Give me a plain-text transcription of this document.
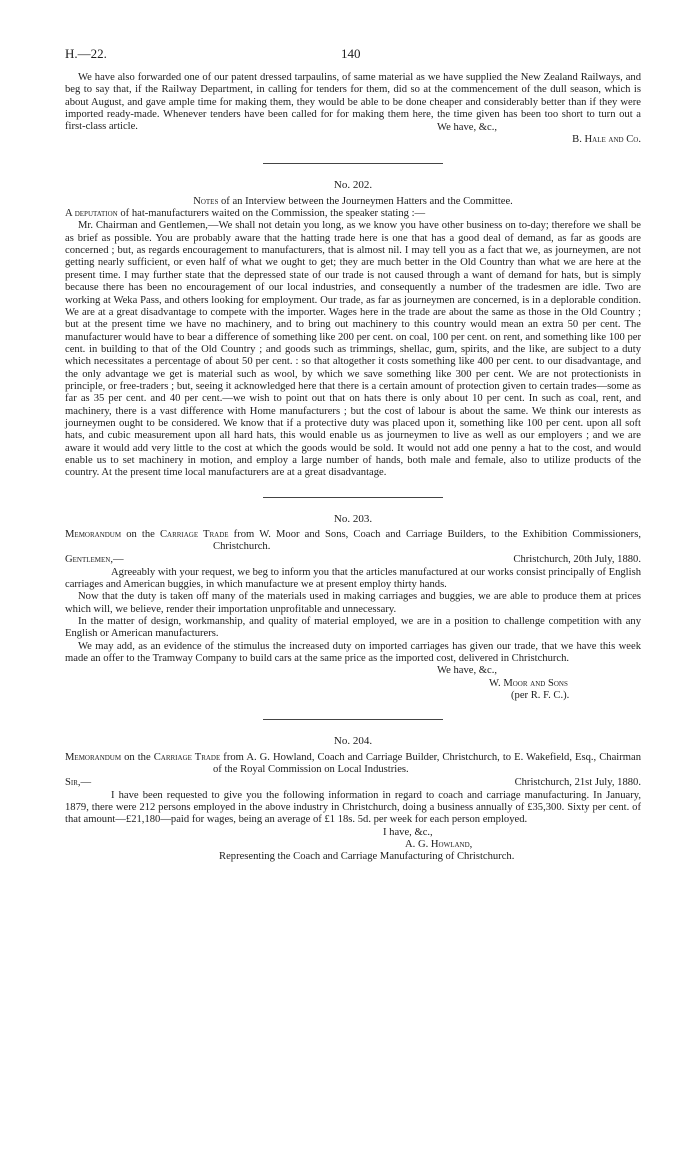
H.—22.	140

We have also forwarded one of our patent dressed tarpaulins, of same material as we have supplied the New Zealand Railways, and beg to say that, if the Railway Department, in calling for tenders for them, did so at the commencement of the dull season, which is about August, and gave ample time for making them, they would be able to be done cheaper and considerably better than if they were imported ready-made. Whenever tenders have been called for for making them here, the time given has been too short to turn out a first-class article.	We have, &c.,

B. Hale and Co.

No. 202.

Notes of an Interview between the Journeymen Hatters and the Committee.

A deputation of hat-manufacturers waited on the Commission, the speaker stating :—

Mr. Chairman and Gentlemen,—We shall not detain you long, as we know you have other business on to-day; therefore we shall be as brief as possible. You are probably aware that the hatting trade here is one that has a good deal of demand, as far as goods are concerned ; but, as regards encouragement to manufacturers, that is almost nil. I may tell you as a fact that we, as journeymen, are not getting nearly sufficient, or even half of what we ought to get; they are much better in the Old Country than what we are here at the present time. I may further state that the depressed state of our trade is not caused through a want of demand for hats, but is simply because there has been no encouragement of our local industries, and consequently a number of the tradesmen are idle. Two are working at Weka Pass, and others looking for employment. Our trade, as far as journeymen are concerned, is in a deplorable condition. We are at a great disadvantage to compete with the importer. Wages here in the trade are about the same as those in the Old Country ; but at the present time we have no machinery, and to bring out machinery to this country would mean an extra 50 per cent. The manufacturer would have to bear a difference of something like 200 per cent. on coal, 100 per cent. on rent, and something like 100 per cent. in building to that of the Old Country ; and goods such as trimmings, shellac, gum, spirits, and the like, are subject to a duty which necessitates a percentage of about 50 per cent. : so that altogether it costs something like 400 per cent. to our disadvantage, and the only advantage we get is material such as wool, by which we save something like 300 per cent. We are not protectionists in principle, or free-traders ; but, seeing it acknowledged here that there is a certain amount of protection given to certain trades—some as far as 35 per cent. and 40 per cent.—we wish to point out that on hats there is only about 10 per cent. In such as coal, rent, and machinery, there is a vast difference with Home manufacturers ; but the cost of labour is about the same. We think our interests as journeymen ought to be considered. We know that if a protective duty was placed upon it, something like 100 per cent. upon all soft hats, and cubic measurement upon all hard hats, this would enable us as journeymen to live as well as our employers ; and we are aware it would add very little to the cost at which the goods would be sold. It would not add one penny a hat to the cost, and would enable us to set machinery in motion, and employ a large number of hands, both male and female, also to utilize products of the country. At the present time local manufacturers are at a great disadvantage.

No. 203.

Memorandum on the Carriage Trade from W. Moor and Sons, Coach and Carriage Builders, to the Exhibition Commissioners, Christchurch.

Gentlemen,—	Christchurch, 20th July, 1880.

Agreeably with your request, we beg to inform you that the articles manufactured at our works consist principally of English carriages and American buggies, in which manufacture we at present employ thirty hands.

Now that the duty is taken off many of the materials used in making carriages and buggies, we are able to produce them at prices which will, we believe, render their importation unprofitable and unnecessary.

In the matter of design, workmanship, and quality of material employed, we are in a position to challenge competition with any English or American manufacturers.

We may add, as an evidence of the stimulus the increased duty on imported carriages has given our trade, that we have this week made an offer to the Tramway Company to build cars at the same price as the imported cost, delivered in Christchurch.

We have, &c.,

W. Moor and Sons

(per R. F. C.).

No. 204.

Memorandum on the Carriage Trade from A. G. Howland, Coach and Carriage Builder, Christchurch, to E. Wakefield, Esq., Chairman of the Royal Commission on Local Industries.

Sir,—	Christchurch, 21st July, 1880.

I have been requested to give you the following information in regard to coach and carriage manufacturing. In January, 1879, there were 212 persons employed in the above industry in Christchurch, doing a business annually of £35,300. Sixty per cent. of that amount—£21,180—paid for wages, being an average of £1 18s. 5d. per week for each person employed.

I have, &c.,

A. G. Howland,

Representing the Coach and Carriage Manufacturing of Christchurch.
